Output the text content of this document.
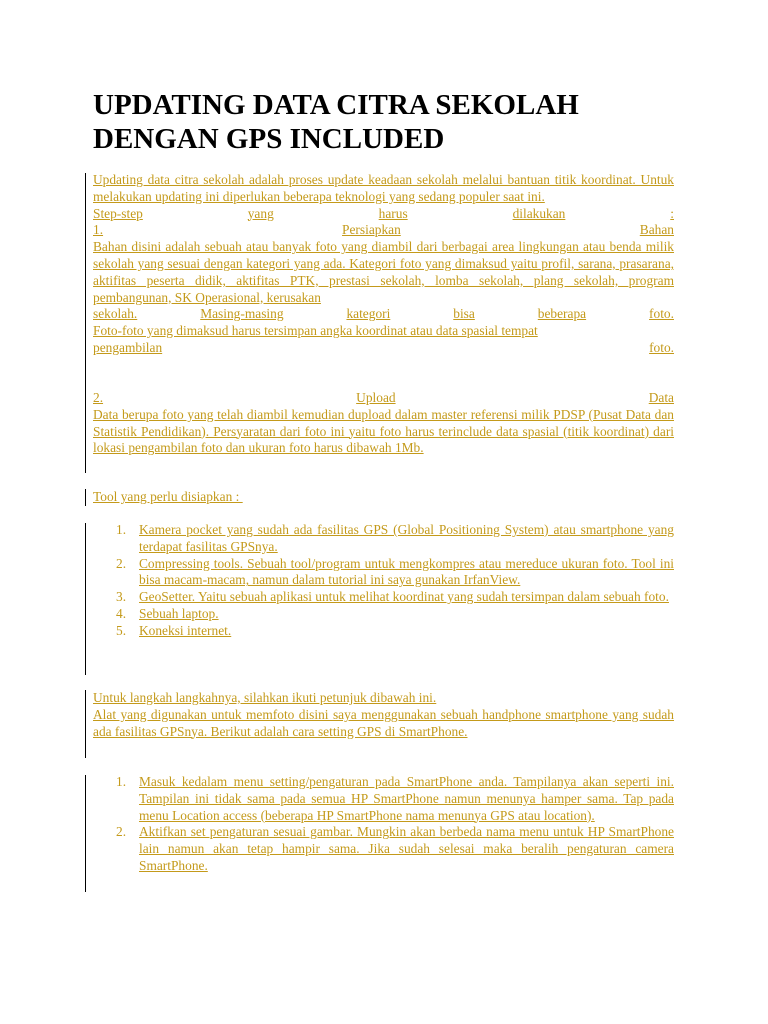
UPDATING DATA CITRA SEKOLAH
DENGAN GPS INCLUDED
Updating data citra sekolah adalah proses update keadaan sekolah melalui bantuan titik koordinat. Untuk melakukan updating ini diperlukan beberapa teknologi yang sedang populer saat ini.
Step-step	yang	harus	dilakukan	:
1.	Persiapkan	Bahan
Bahan disini adalah sebuah atau banyak foto yang diambil dari berbagai area lingkungan atau benda milik sekolah yang sesuai dengan kategori yang ada. Kategori foto yang dimaksud yaitu profil, sarana, prasarana, aktifitas peserta didik, aktifitas PTK, prestasi sekolah, lomba sekolah, plang sekolah, program pembangunan, SK Operasional, kerusakan
sekolah.	Masing-masing	kategori	bisa	beberapa	foto.
Foto-foto yang dimaksud harus tersimpan angka koordinat atau data spasial tempat
pengambilan	foto.
2.	Upload	Data
Data berupa foto yang telah diambil kemudian dupload dalam master referensi milik PDSP (Pusat Data dan Statistik Pendidikan). Persyaratan dari foto ini yaitu foto harus terinclude data spasial (titik koordinat) dari lokasi pengambilan foto dan ukuran foto harus dibawah 1Mb.
Tool yang perlu disiapkan :
1. Kamera pocket yang sudah ada fasilitas GPS (Global Positioning System) atau smartphone yang terdapat fasilitas GPSnya.
2. Compressing tools. Sebuah tool/program untuk mengkompres atau mereduce ukuran foto. Tool ini bisa macam-macam, namun dalam tutorial ini saya gunakan IrfanView.
3. GeoSetter. Yaitu sebuah aplikasi untuk melihat koordinat yang sudah tersimpan dalam sebuah foto.
4. Sebuah laptop.
5. Koneksi internet.
Untuk langkah langkahnya, silahkan ikuti petunjuk dibawah ini.
Alat yang digunakan untuk memfoto disini saya menggunakan sebuah handphone smartphone yang sudah ada fasilitas GPSnya. Berikut adalah cara setting GPS di SmartPhone.
1. Masuk kedalam menu setting/pengaturan pada SmartPhone anda. Tampilanya akan seperti ini. Tampilan ini tidak sama pada semua HP SmartPhone namun menunya hamper sama. Tap pada menu Location access (beberapa HP SmartPhone nama menunya GPS atau location).
2. Aktifkan set pengaturan sesuai gambar. Mungkin akan berbeda nama menu untuk HP SmartPhone lain namun akan tetap hampir sama. Jika sudah selesai maka beralih pengaturan camera SmartPhone.
